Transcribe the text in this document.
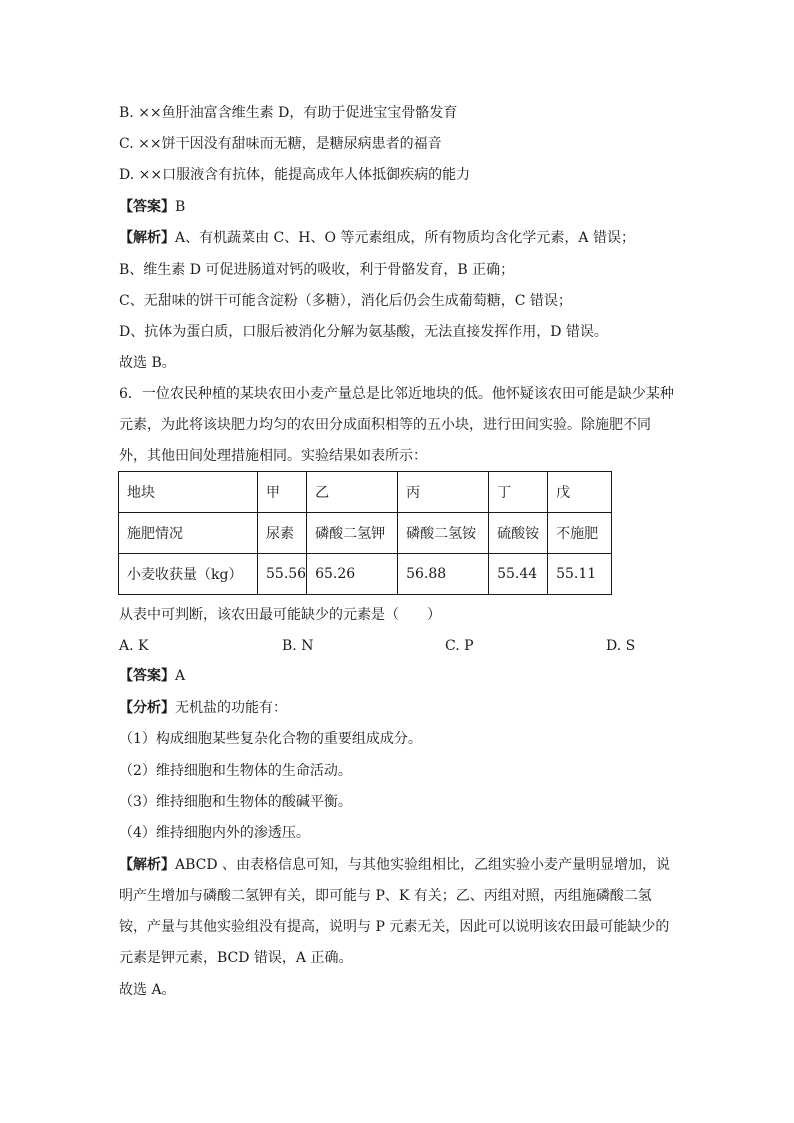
B. ××鱼肝油富含维生素 D，有助于促进宝宝骨骼发育
C. ××饼干因没有甜味而无糖，是糖尿病患者的福音
D. ××口服液含有抗体，能提高成年人体抵御疾病的能力
【答案】B
【解析】A、有机蔬菜由 C、H、O 等元素组成，所有物质均含化学元素，A 错误；
B、维生素 D 可促进肠道对钙的吸收，利于骨骼发育，B 正确；
C、无甜味的饼干可能含淀粉（多糖），消化后仍会生成葡萄糖，C 错误；
D、抗体为蛋白质，口服后被消化分解为氨基酸，无法直接发挥作用，D 错误。
故选 B。
6．一位农民种植的某块农田小麦产量总是比邻近地块的低。他怀疑该农田可能是缺少某种
元素，为此将该块肥力均匀的农田分成面积相等的五小块，进行田间实验。除施肥不同
外，其他田间处理措施相同。实验结果如表所示：
地块	甲	乙	丙	丁	戊
施肥情况	尿素	磷酸二氢钾	磷酸二氢铵	硫酸铵	不施肥
小麦收获量（kg）	55.56	65.26	56.88	55.44	55.11
从表中可判断，该农田最可能缺少的元素是（　　）
A. K	B. N	C. P	D. S
【答案】A
【分析】无机盐的功能有：
（1）构成细胞某些复杂化合物的重要组成成分。
（2）维持细胞和生物体的生命活动。
（3）维持细胞和生物体的酸碱平衡。
（4）维持细胞内外的渗透压。
【解析】ABCD 、由表格信息可知，与其他实验组相比，乙组实验小麦产量明显增加，说
明产生增加与磷酸二氢钾有关，即可能与 P、K 有关；乙、丙组对照，丙组施磷酸二氢
铵，产量与其他实验组没有提高，说明与 P 元素无关，因此可以说明该农田最可能缺少的
元素是钾元素，BCD 错误，A 正确。
故选 A。
